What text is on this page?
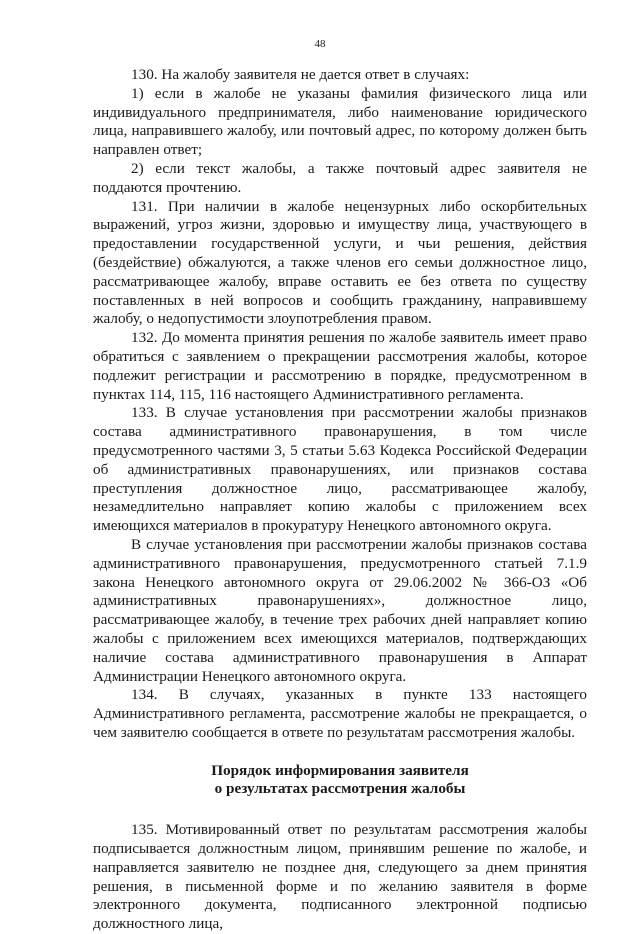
48

130. На жалобу заявителя не дается ответ в случаях:

1) если в жалобе не указаны фамилия физического лица или индивидуального предпринимателя, либо наименование юридического лица, направившего жалобу, или почтовый адрес, по которому должен быть направлен ответ;

2) если текст жалобы, а также почтовый адрес заявителя не поддаются прочтению.

131. При наличии в жалобе нецензурных либо оскорбительных выражений, угроз жизни, здоровью и имуществу лица, участвующего в предоставлении государственной услуги, и чьи решения, действия (бездействие) обжалуются, а также членов его семьи должностное лицо, рассматривающее жалобу, вправе оставить ее без ответа по существу поставленных в ней вопросов и сообщить гражданину, направившему жалобу, о недопустимости злоупотребления правом.

132. До момента принятия решения по жалобе заявитель имеет право обратиться с заявлением о прекращении рассмотрения жалобы, которое подлежит регистрации и рассмотрению в порядке, предусмотренном в пунктах 114, 115, 116 настоящего Административного регламента.

133. В случае установления при рассмотрении жалобы признаков состава административного правонарушения, в том числе предусмотренного частями 3, 5 статьи 5.63 Кодекса Российской Федерации об административных правонарушениях, или признаков состава преступления должностное лицо, рассматривающее жалобу, незамедлительно направляет копию жалобы с приложением всех имеющихся материалов в прокуратуру Ненецкого автономного округа.

В случае установления при рассмотрении жалобы признаков состава административного правонарушения, предусмотренного статьей 7.1.9 закона Ненецкого автономного округа от 29.06.2002 № 366-ОЗ «Об административных правонарушениях», должностное лицо, рассматривающее жалобу, в течение трех рабочих дней направляет копию жалобы с приложением всех имеющихся материалов, подтверждающих наличие состава административного правонарушения в Аппарат Администрации Ненецкого автономного округа.

134. В случаях, указанных в пункте 133 настоящего Административного регламента, рассмотрение жалобы не прекращается, о чем заявителю сообщается в ответе по результатам рассмотрения жалобы.

Порядок информирования заявителя
о результатах рассмотрения жалобы

135. Мотивированный ответ по результатам рассмотрения жалобы подписывается должностным лицом, принявшим решение по жалобе, и направляется заявителю не позднее дня, следующего за днем принятия решения, в письменной форме и по желанию заявителя в форме электронного документа, подписанного электронной подписью должностного лица,
